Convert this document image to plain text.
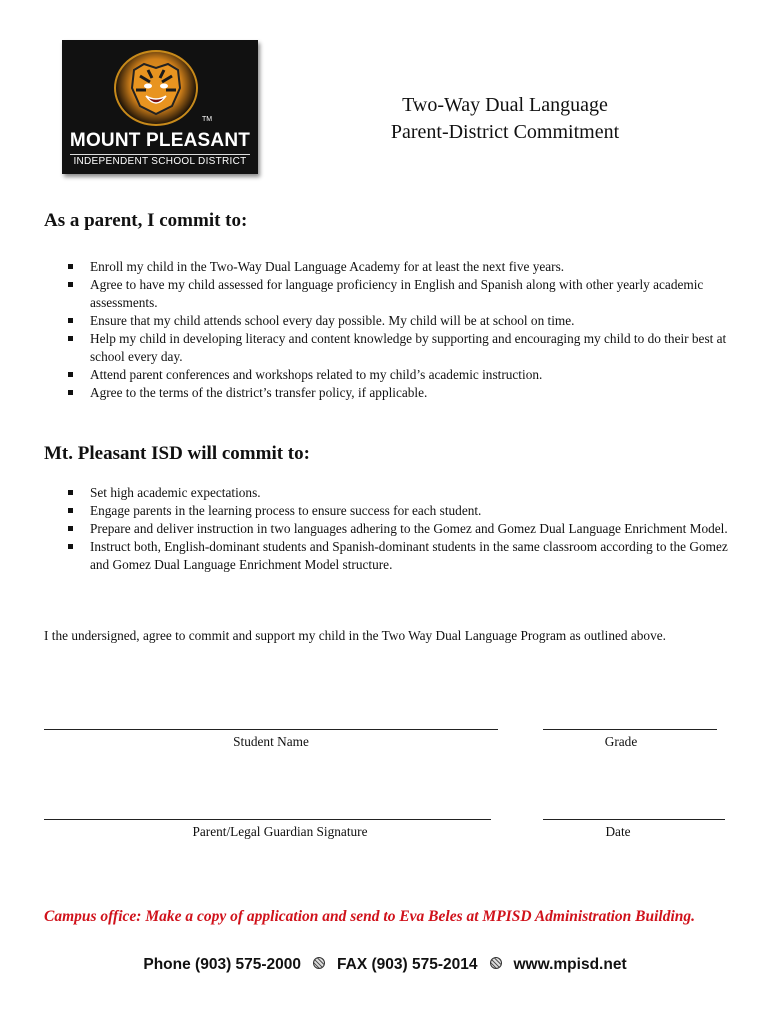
TM
MOUNT PLEASANT
INDEPENDENT SCHOOL DISTRICT
Two-Way Dual Language
Parent-District Commitment
As a parent, I commit to:
Enroll my child in the Two-Way Dual Language Academy for at least the next five years.
Agree to have my child assessed for language proficiency in English and Spanish along with other yearly academic assessments.
Ensure that my child attends school every day possible. My child will be at school on time.
Help my child in developing literacy and content knowledge by supporting and encouraging my child to do their best at school every day.
Attend parent conferences and workshops related to my child’s academic instruction.
Agree to the terms of the district’s transfer policy, if applicable.
Mt. Pleasant ISD will commit to:
Set high academic expectations.
Engage parents in the learning process to ensure success for each student.
Prepare and deliver instruction in two languages adhering to the Gomez and Gomez Dual Language Enrichment Model.
Instruct both, English-dominant students and Spanish-dominant students in the same classroom according to the Gomez and Gomez Dual Language Enrichment Model structure.
I the undersigned, agree to commit and support my child in the Two Way Dual Language Program as outlined above.
Student Name	Grade
Parent/Legal Guardian Signature	Date
Campus office: Make a copy of application and send to Eva Beles at MPISD Administration Building.
Phone (903) 575-2000 FAX (903) 575-2014 www.mpisd.net
